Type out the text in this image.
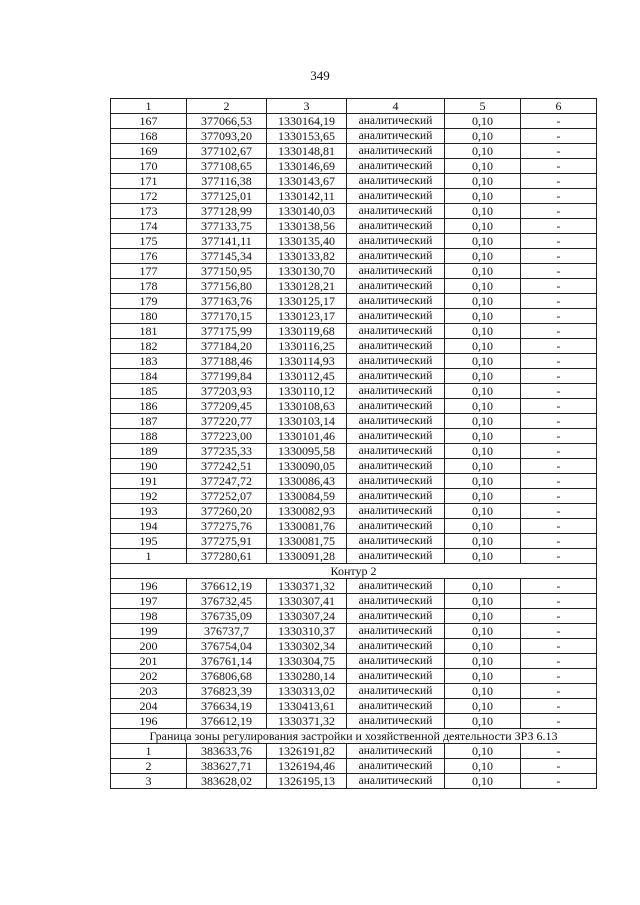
349
1	2	3	4	5	6
167	377066,53	1330164,19	аналитический	0,10	-
168	377093,20	1330153,65	аналитический	0,10	-
169	377102,67	1330148,81	аналитический	0,10	-
170	377108,65	1330146,69	аналитический	0,10	-
171	377116,38	1330143,67	аналитический	0,10	-
172	377125,01	1330142,11	аналитический	0,10	-
173	377128,99	1330140,03	аналитический	0,10	-
174	377133,75	1330138,56	аналитический	0,10	-
175	377141,11	1330135,40	аналитический	0,10	-
176	377145,34	1330133,82	аналитический	0,10	-
177	377150,95	1330130,70	аналитический	0,10	-
178	377156,80	1330128,21	аналитический	0,10	-
179	377163,76	1330125,17	аналитический	0,10	-
180	377170,15	1330123,17	аналитический	0,10	-
181	377175,99	1330119,68	аналитический	0,10	-
182	377184,20	1330116,25	аналитический	0,10	-
183	377188,46	1330114,93	аналитический	0,10	-
184	377199,84	1330112,45	аналитический	0,10	-
185	377203,93	1330110,12	аналитический	0,10	-
186	377209,45	1330108,63	аналитический	0,10	-
187	377220,77	1330103,14	аналитический	0,10	-
188	377223,00	1330101,46	аналитический	0,10	-
189	377235,33	1330095,58	аналитический	0,10	-
190	377242,51	1330090,05	аналитический	0,10	-
191	377247,72	1330086,43	аналитический	0,10	-
192	377252,07	1330084,59	аналитический	0,10	-
193	377260,20	1330082,93	аналитический	0,10	-
194	377275,76	1330081,76	аналитический	0,10	-
195	377275,91	1330081,75	аналитический	0,10	-
1	377280,61	1330091,28	аналитический	0,10	-
Контур 2					
196	376612,19	1330371,32	аналитический	0,10	-
197	376732,45	1330307,41	аналитический	0,10	-
198	376735,09	1330307,24	аналитический	0,10	-
199	376737,7	1330310,37	аналитический	0,10	-
200	376754,04	1330302,34	аналитический	0,10	-
201	376761,14	1330304,75	аналитический	0,10	-
202	376806,68	1330280,14	аналитический	0,10	-
203	376823,39	1330313,02	аналитический	0,10	-
204	376634,19	1330413,61	аналитический	0,10	-
196	376612,19	1330371,32	аналитический	0,10	-
Граница зоны регулирования застройки и хозяйственной деятельности ЗРЗ 6.13					
1	383633,76	1326191,82	аналитический	0,10	-
2	383627,71	1326194,46	аналитический	0,10	-
3	383628,02	1326195,13	аналитический	0,10	-
